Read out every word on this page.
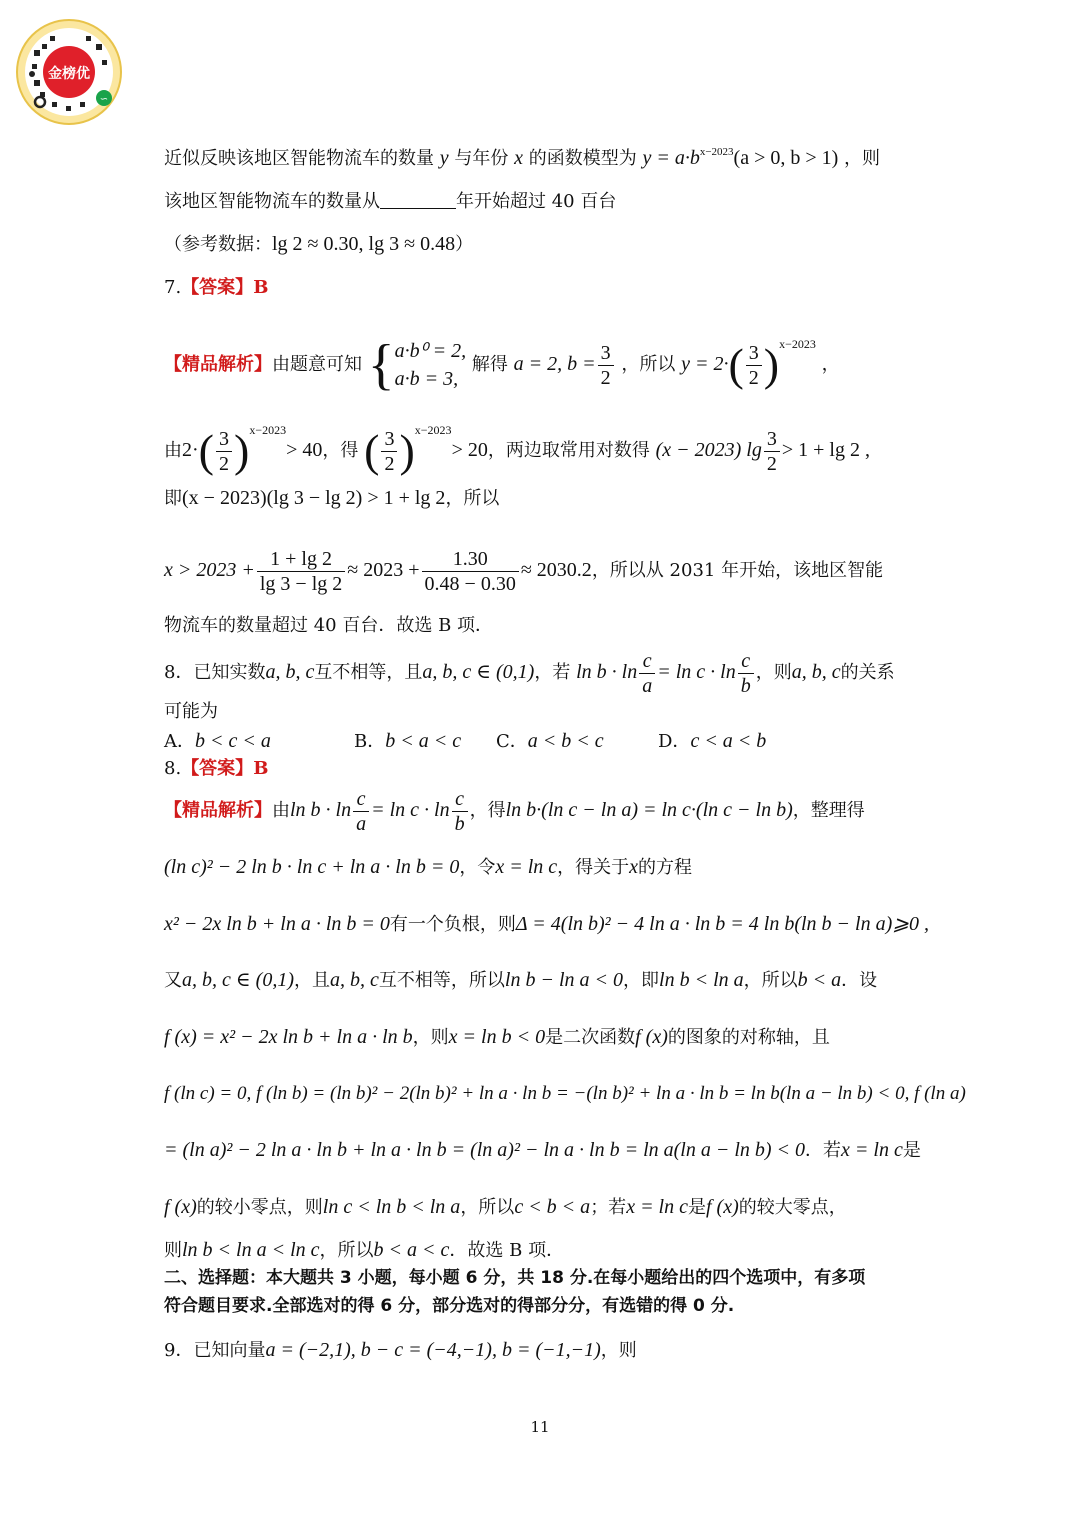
金榜优
∽
近似反映该地区智能物流车的数量 y 与年份 x 的函数模型为 $y = a\cdot b^{x-2023}(a > 0$, b > 1) ，则
该地区智能物流车的数量从	年开始超过 40 百台
（参考数据：lg 2 ≈ 0.30, lg 3 ≈ 0.48）
7.【答案】B
【精品解析】由题意可知 { a·b⁰ = 2,
a·b = 3,
解得 a = 2, $b = \frac{3}{2}$ ，所以 $y = 2\cdot( \frac{3}{2} )^{x-2023}$ ，
由$2\cdot( \frac{3}{2} )^{x-2023}> 40$，得 ( $\frac{3}{2} )^{x-2023}> 20$，两边取常用对数得 (x − 2023) $\lg \frac{3}{2} > 1 + \lg 2$ ,
即(x − 2023)(lg 3 − lg 2) > 1 + lg 2，所以
$x > 2023 + \frac{1 + \lg 2}{\lg 3 - \lg 2} \approx 2023 + \frac{1.30}{0.48 - 0.30} \approx 2030.2$，所以从 2031 年开始，该地区智能
物流车的数量超过 40 百台．故选 B 项．
8．已知实数a, b, c互不相等，且a, b, c ∈ (0,1)，若 $\ln b \cdot \ln \frac{c}{a} = \ln c \cdot \ln \frac{c}{b}$ ，则a, b, c的关系
可能为
A．b < c < a	B．b < a < c C．a < b < c	D．c < a < b
8.【答案】B
【精品解析】由$\ln b \cdot \ln \frac{c}{a} = \ln c \cdot \ln \frac{c}{b}$ ，得ln b·(ln c − ln a) = ln c·(ln c − ln b)，整理得
(ln c)² − 2 ln b · ln c + ln a · ln b = 0，令x = ln c，得关于x的方程
x² − 2x ln b + ln a · ln b = 0有一个负根，则Δ = 4(ln b)² − 4 ln a · ln b = 4 ln b(ln b − ln a)⩾0 ,
又a, b, c ∈ (0,1)，且a, b, c互不相等，所以ln b − ln a < 0，即ln b < ln a，所以b < a．设
f (x) = x² − 2x ln b + ln a · ln b，则x = ln b < 0是二次函数f (x)的图象的对称轴，且
f (ln c) = 0, f (ln b) = (ln b)² − 2(ln b)² + ln a · ln b = −(ln b)² + ln a · ln b = ln b(ln a − ln b) < 0, f (ln a)
= (ln a)² − 2 ln a · ln b + ln a · ln b = (ln a)² − ln a · ln b = ln a(ln a − ln b) < 0．若x = ln c是
f (x)的较小零点，则ln c < ln b < ln a，所以c < b < a；若x = ln c是f (x)的较大零点，
则ln b < ln a < ln c，所以b < a < c．故选 B 项．
二、选择题：本大题共 3 小题，每小题 6 分，共 18 分.在每小题给出的四个选项中，有多项
符合题目要求.全部选对的得 6 分，部分选对的得部分分，有选错的得 0 分.
9．已知向量a = (−2,1), b − c = (−4,−1), b = (−1,−1)，则
11
